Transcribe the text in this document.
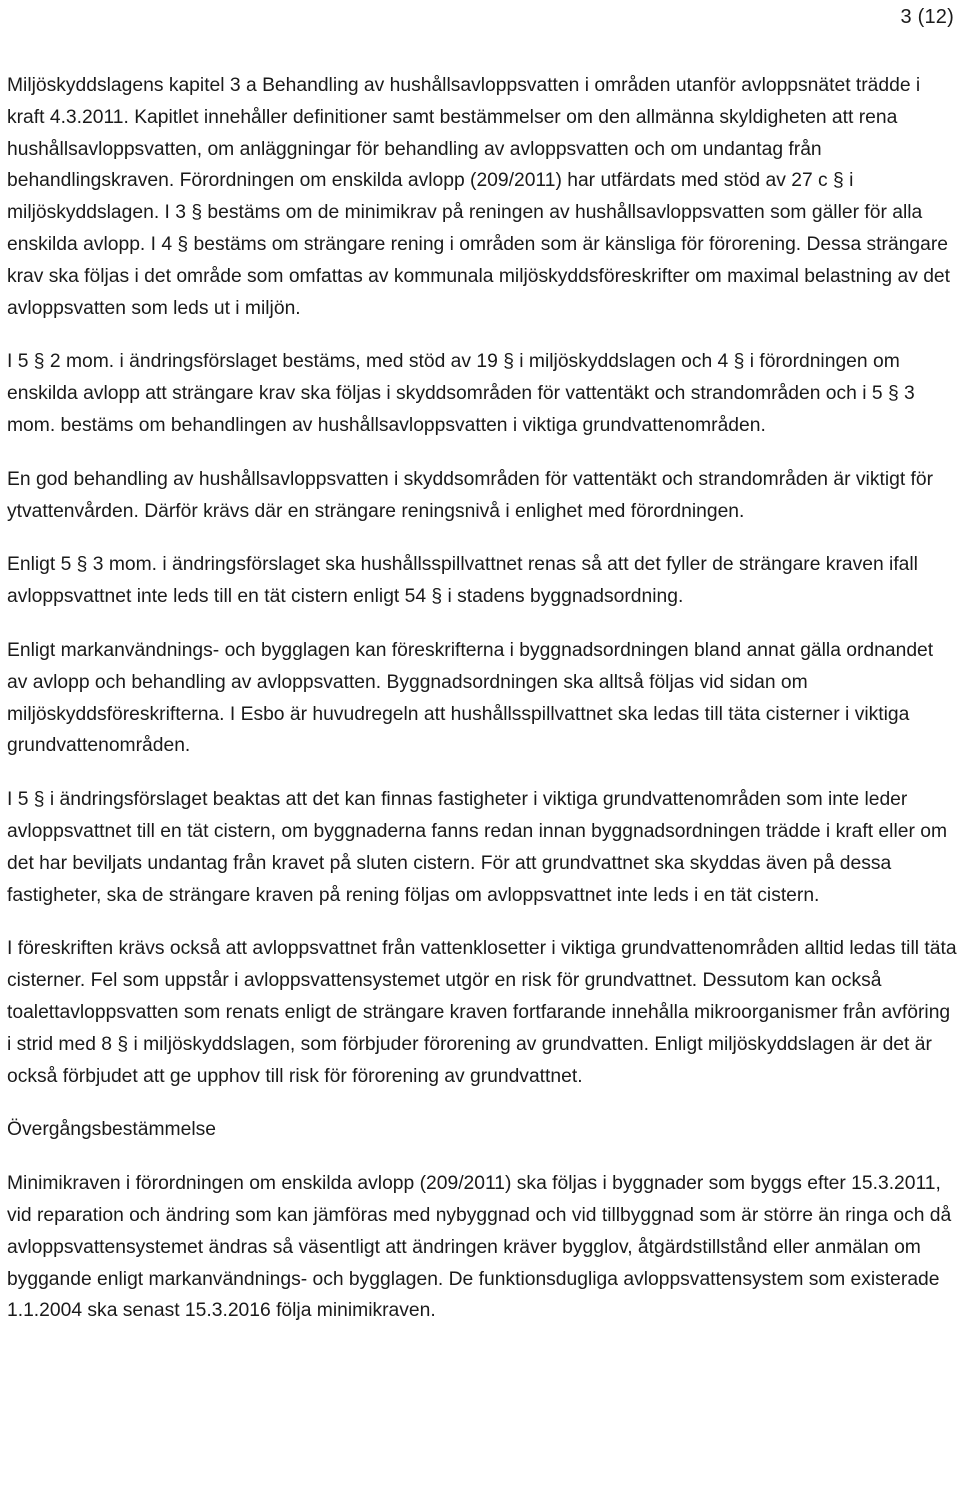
3 (12)

Miljöskyddslagens kapitel 3 a Behandling av hushållsavloppsvatten i områden utanför avloppsnätet trädde i kraft 4.3.2011. Kapitlet innehåller definitioner samt bestämmelser om den allmänna skyldigheten att rena hushållsavloppsvatten, om anläggningar för behandling av avloppsvatten och om undantag från behandlingskraven. Förordningen om enskilda avlopp (209/2011) har utfärdats med stöd av 27 c § i miljöskyddslagen. I 3 § bestäms om de minimikrav på reningen av hushållsavloppsvatten som gäller för alla enskilda avlopp. I 4 § bestäms om strängare rening i områden som är känsliga för förorening. Dessa strängare krav ska följas i det område som omfattas av kommunala miljöskyddsföreskrifter om maximal belastning av det avloppsvatten som leds ut i miljön.

I 5 § 2 mom. i ändringsförslaget bestäms, med stöd av 19 § i miljöskyddslagen och 4 § i förordningen om enskilda avlopp att strängare krav ska följas i skyddsområden för vattentäkt och strandområden och i 5 § 3 mom. bestäms om behandlingen av hushållsavloppsvatten i viktiga grundvattenområden.

En god behandling av hushållsavloppsvatten i skyddsområden för vattentäkt och strandområden är viktigt för ytvattenvården. Därför krävs där en strängare reningsnivå i enlighet med förordningen.

Enligt 5 § 3 mom. i ändringsförslaget ska hushållsspillvattnet renas så att det fyller de strängare kraven ifall avloppsvattnet inte leds till en tät cistern enligt 54 § i stadens byggnadsordning.

Enligt markanvändnings- och bygglagen kan föreskrifterna i byggnadsordningen bland annat gälla ordnandet av avlopp och behandling av avloppsvatten. Byggnadsordningen ska alltså följas vid sidan om miljöskyddsföreskrifterna. I Esbo är huvudregeln att hushållsspillvattnet ska ledas till täta cisterner i viktiga grundvattenområden.

I 5 § i ändringsförslaget beaktas att det kan finnas fastigheter i viktiga grundvattenområden som inte leder avloppsvattnet till en tät cistern, om byggnaderna fanns redan innan byggnadsordningen trädde i kraft eller om det har beviljats undantag från kravet på sluten cistern. För att grundvattnet ska skyddas även på dessa fastigheter, ska de strängare kraven på rening följas om avloppsvattnet inte leds i en tät cistern.

I föreskriften krävs också att avloppsvattnet från vattenklosetter i viktiga grundvattenområden alltid ledas till täta cisterner. Fel som uppstår i avloppsvattensystemet utgör en risk för grundvattnet. Dessutom kan också toalettavloppsvatten som renats enligt de strängare kraven fortfarande innehålla mikroorganismer från avföring i strid med 8 § i miljöskyddslagen, som förbjuder förorening av grundvatten. Enligt miljöskyddslagen är det är också förbjudet att ge upphov till risk för förorening av grundvattnet.

Övergångsbestämmelse

Minimikraven i förordningen om enskilda avlopp (209/2011) ska följas i byggnader som byggs efter 15.3.2011, vid reparation och ändring som kan jämföras med nybyggnad och vid tillbyggnad som är större än ringa och då avloppsvattensystemet ändras så väsentligt att ändringen kräver bygglov, åtgärdstillstånd eller anmälan om byggande enligt markanvändnings- och bygglagen. De funktionsdugliga avloppsvattensystem som existerade 1.1.2004 ska senast 15.3.2016 följa minimikraven.
